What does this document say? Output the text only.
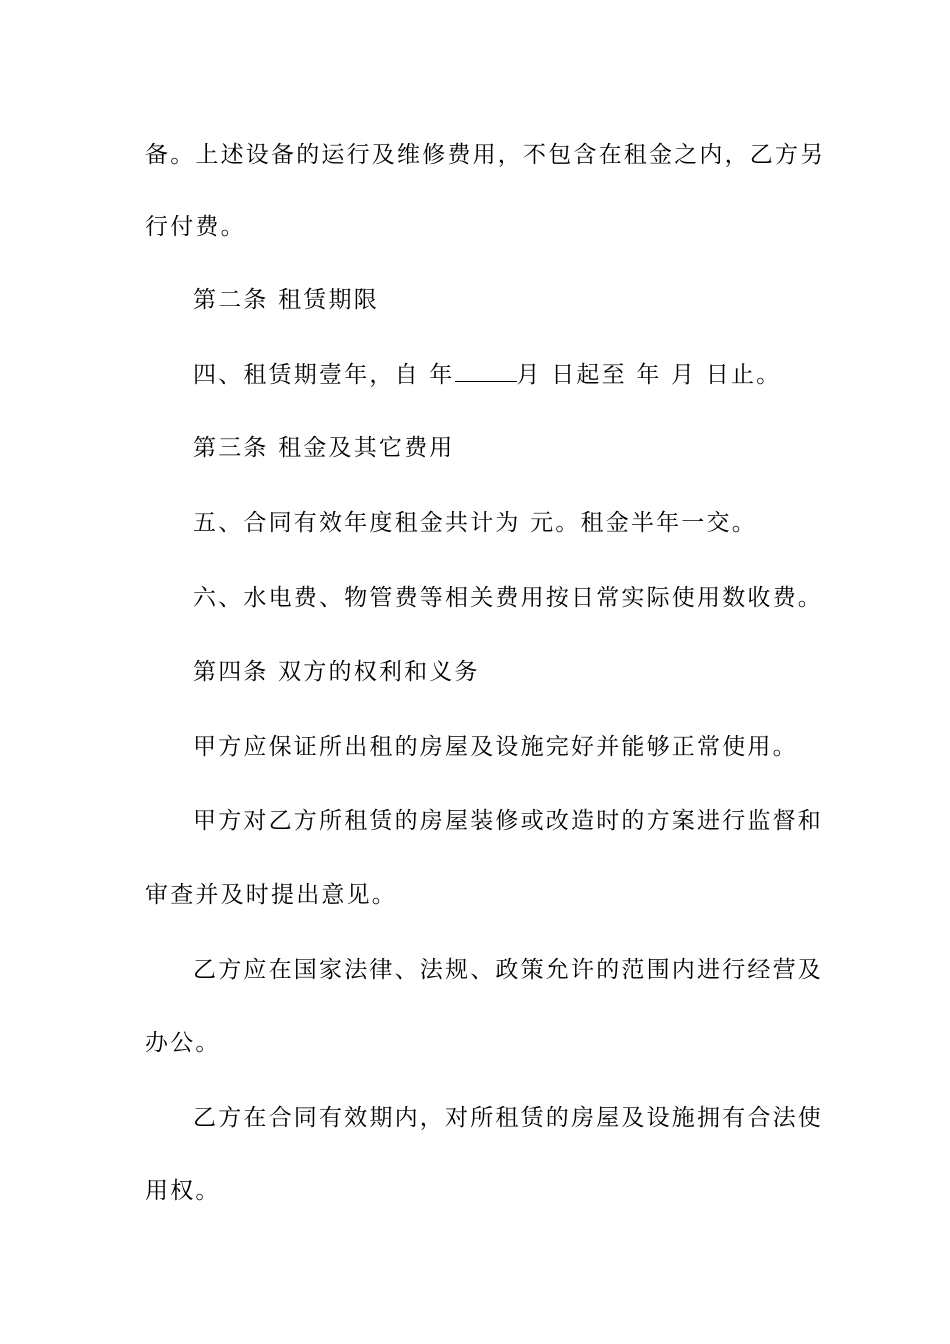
备。上述设备的运行及维修费用，不包含在租金之内，乙方另
行付费。
第二条 租赁期限
四、租赁期壹年，自 年	月 日起至 年 月 日止。
第三条 租金及其它费用
五、合同有效年度租金共计为 元。租金半年一交。
六、水电费、物管费等相关费用按日常实际使用数收费。
第四条 双方的权利和义务
甲方应保证所出租的房屋及设施完好并能够正常使用。
甲方对乙方所租赁的房屋装修或改造时的方案进行监督和
审查并及时提出意见。
乙方应在国家法律、法规、政策允许的范围内进行经营及
办公。
乙方在合同有效期内，对所租赁的房屋及设施拥有合法使
用权。
